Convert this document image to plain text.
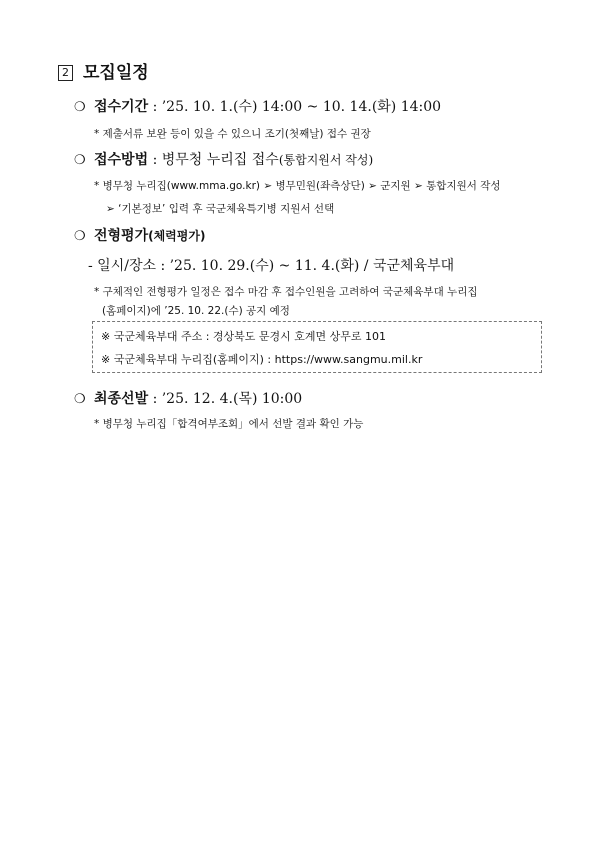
2 모집일정
❍ 접수기간 : ’25. 10. 1.(수) 14:00 ~ 10. 14.(화) 14:00
* 제출서류 보완 등이 있을 수 있으니 조기(첫째날) 접수 권장
❍ 접수방법 : 병무청 누리집 접수(통합지원서 작성)
* 병무청 누리집(www.mma.go.kr) ➢ 병무민원(좌측상단) ➢ 군지원 ➢ 통합지원서 작성
➢ ‘기본정보’ 입력 후 국군체육특기병 지원서 선택
❍ 전형평가(체력평가)
- 일시/장소 : ’25. 10. 29.(수) ~ 11. 4.(화) / 국군체육부대
* 구체적인 전형평가 일정은 접수 마감 후 접수인원을 고려하여 국군체육부대 누리집
(홈페이지)에 ’25. 10. 22.(수) 공지 예정
※ 국군체육부대 주소 : 경상북도 문경시 호계면 상무로 101
※ 국군체육부대 누리집(홈페이지) : https://www.sangmu.mil.kr
❍ 최종선발 : ’25. 12. 4.(목) 10:00
* 병무청 누리집「합격여부조회」에서 선발 결과 확인 가능
